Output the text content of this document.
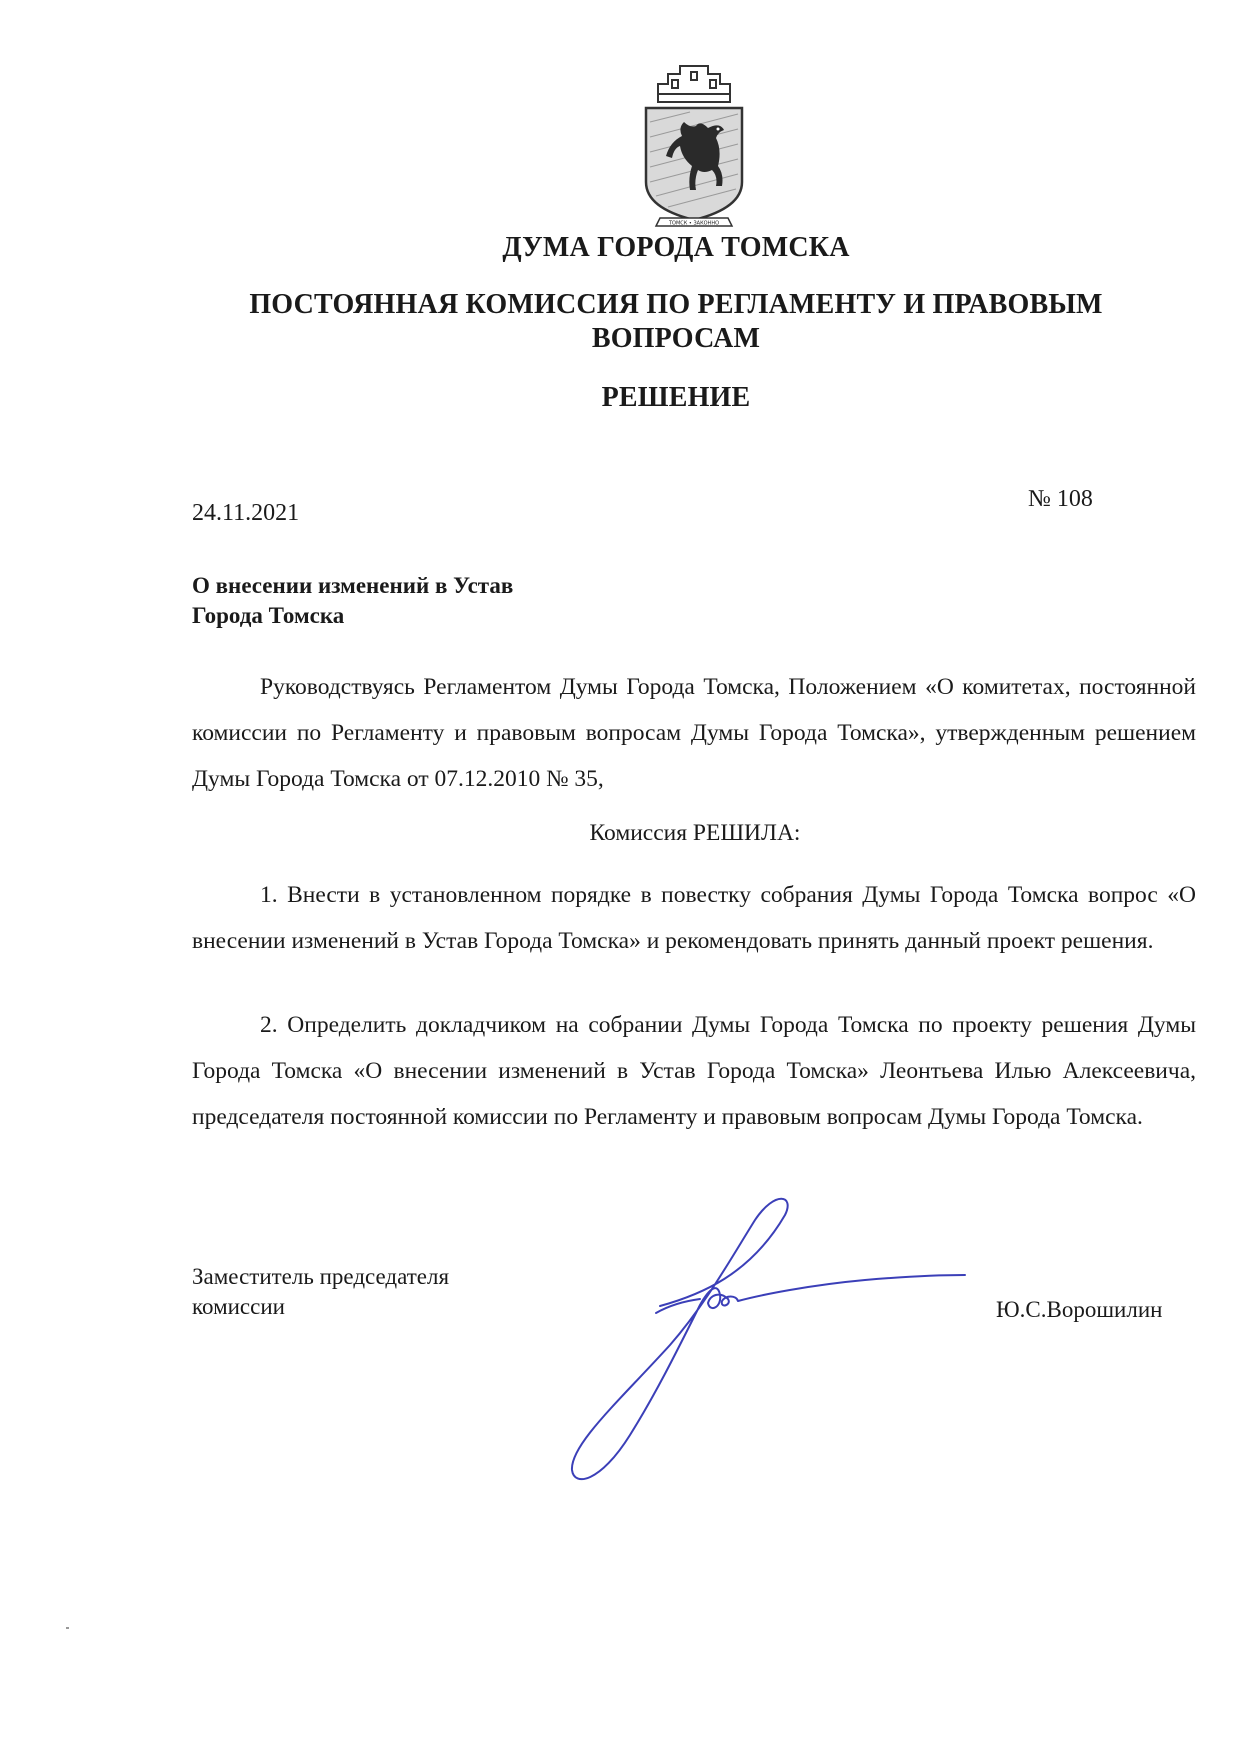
ТОМСК • ЗАКОННО
ДУМА ГОРОДА ТОМСКА
ПОСТОЯННАЯ КОМИССИЯ ПО РЕГЛАМЕНТУ И ПРАВОВЫМ
ВОПРОСАМ
РЕШЕНИЕ
24.11.2021
№ 108
О внесении изменений в Устав
Города Томска
Руководствуясь Регламентом Думы Города Томска, Положением «О комитетах, постоянной комиссии по Регламенту и правовым вопросам Думы Города Томска», утвержденным решением Думы Города Томска от 07.12.2010 № 35,
Комиссия РЕШИЛА:
1. Внести в установленном порядке в повестку собрания Думы Города Томска вопрос «О внесении изменений в Устав Города Томска» и рекомендовать принять данный проект решения.
2. Определить докладчиком на собрании Думы Города Томска по проекту решения Думы Города Томска «О внесении изменений в Устав Города Томска» Леонтьева Илью Алексеевича, председателя постоянной комиссии по Регламенту и правовым вопросам Думы Города Томска.
Заместитель председателя
комиссии	Ю.С.Ворошилин
